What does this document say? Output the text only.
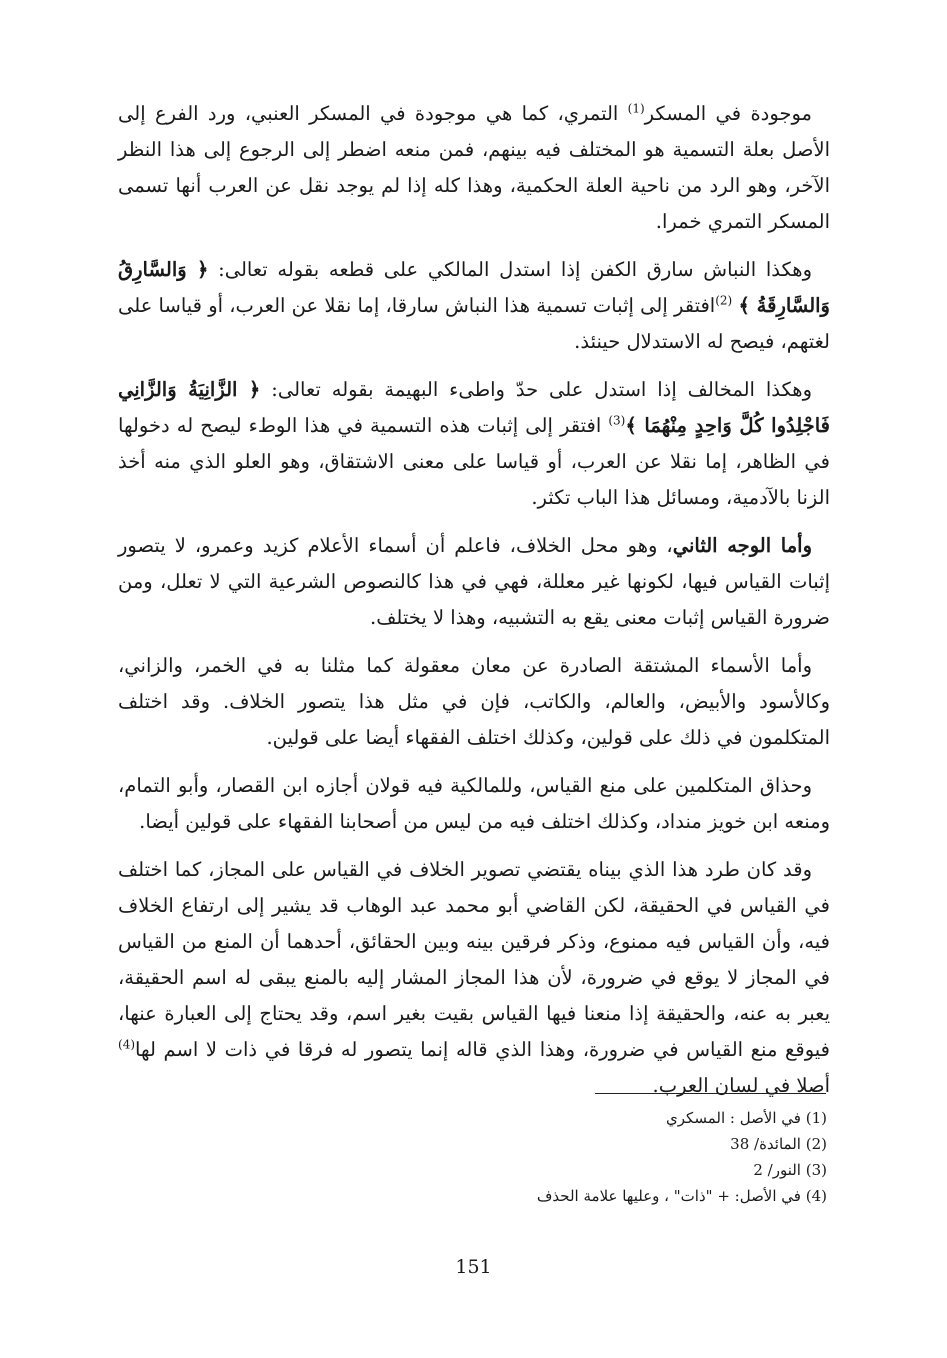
موجودة في المسكر$^{(1)}$ التمري، كما هي موجودة في المسكر العنبي، ورد الفرع إلى الأصل بعلة التسمية هو المختلف فيه بينهم، فمن منعه اضطر إلى الرجوع إلى هذا النظر الآخر، وهو الرد من ناحية العلة الحكمية، وهذا كله إذا لم يوجد نقل عن العرب أنها تسمى المسكر التمري خمرا.

وهكذا النباش سارق الكفن إذا استدل المالكي على قطعه بقوله تعالى: ﴿ وَالسَّارِقُ وَالسَّارِقَةُ ﴾ $^{(2)}$افتقر إلى إثبات تسمية هذا النباش سارقا، إما نقلا عن العرب، أو قياسا على لغتهم، فيصح له الاستدلال حينئذ.

وهكذا المخالف إذا استدل على حدّ واطىء البهيمة بقوله تعالى: ﴿ الزَّانِيَةُ وَالزَّانِي فَاجْلِدُوا كُلَّ وَاحِدٍ مِنْهُمَا ﴾$^{(3)}$ افتقر إلى إثبات هذه التسمية في هذا الوطء ليصح له دخولها في الظاهر، إما نقلا عن العرب، أو قياسا على معنى الاشتقاق، وهو العلو الذي منه أخذ الزنا بالآدمية، ومسائل هذا الباب تكثر.

وأما الوجه الثاني، وهو محل الخلاف، فاعلم أن أسماء الأعلام كزيد وعمرو، لا يتصور إثبات القياس فيها، لكونها غير معللة، فهي في هذا كالنصوص الشرعية التي لا تعلل، ومن ضرورة القياس إثبات معنى يقع به التشبيه، وهذا لا يختلف.

وأما الأسماء المشتقة الصادرة عن معان معقولة كما مثلنا به في الخمر، والزاني، وكالأسود والأبيض، والعالم، والكاتب، فإن في مثل هذا يتصور الخلاف. وقد اختلف المتكلمون في ذلك على قولين، وكذلك اختلف الفقهاء أيضا على قولين.

وحذاق المتكلمين على منع القياس، وللمالكية فيه قولان أجازه ابن القصار، وأبو التمام، ومنعه ابن خويز منداد، وكذلك اختلف فيه من ليس من أصحابنا الفقهاء على قولين أيضا.

وقد كان طرد هذا الذي بيناه يقتضي تصوير الخلاف في القياس على المجاز، كما اختلف في القياس في الحقيقة، لكن القاضي أبو محمد عبد الوهاب قد يشير إلى ارتفاع الخلاف فيه، وأن القياس فيه ممنوع، وذكر فرقين بينه وبين الحقائق، أحدهما أن المنع من القياس في المجاز لا يوقع في ضرورة، لأن هذا المجاز المشار إليه بالمنع يبقى له اسم الحقيقة، يعبر به عنه، والحقيقة إذا منعنا فيها القياس بقيت بغير اسم، وقد يحتاج إلى العبارة عنها، فيوقع منع القياس في ضرورة، وهذا الذي قاله إنما يتصور له فرقا في ذات لا اسم لها$^{(4)}$ أصلا في لسان العرب.

(1) في الأصل : المسكري
(2) المائدة/ 38
(3) النور/ 2
(4) في الأصل: + "ذات" ، وعليها علامة الحذف
151
